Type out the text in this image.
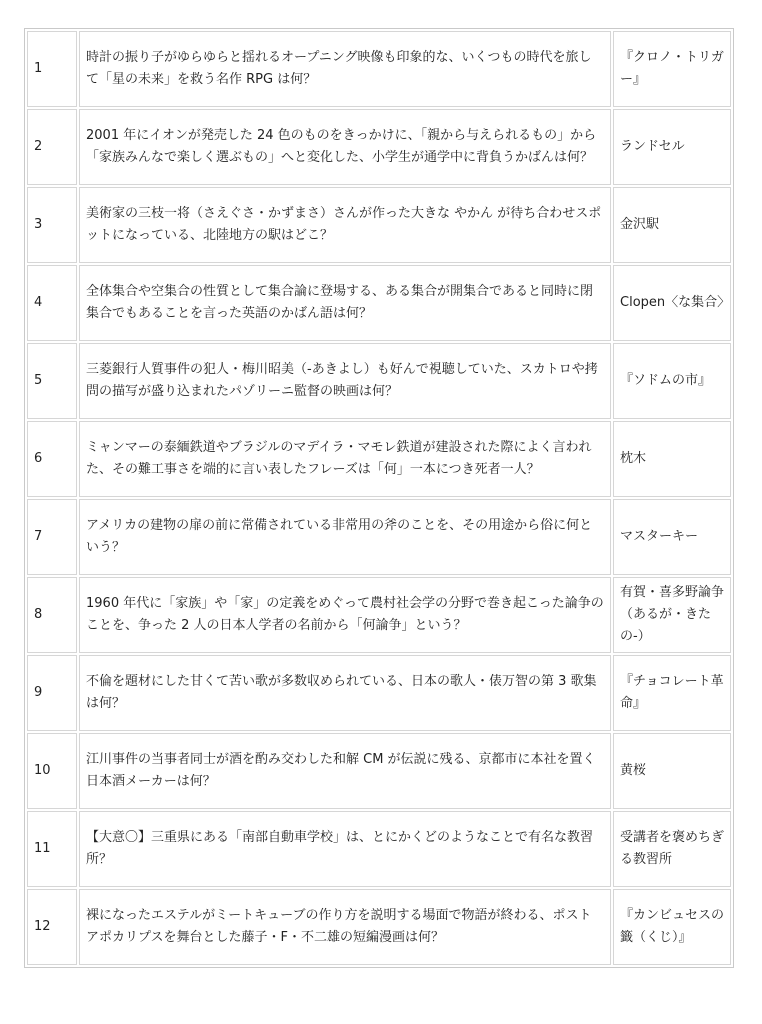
1	時計の振り子がゆらゆらと揺れるオープニング映像も印象的な、いくつもの時代を旅して「星の未来」を救う名作 RPG は何？	『クロノ・トリガー』
2	2001 年にイオンが発売した 24 色のものをきっかけに、「親から与えられるもの」から「家族みんなで楽しく選ぶもの」へと変化した、小学生が通学中に背負うかばんは何？	ランドセル
3	美術家の三枝一将（さえぐさ・かずまさ）さんが作った大きな やかん が待ち合わせスポットになっている、北陸地方の駅はどこ？	金沢駅
4	全体集合や空集合の性質として集合論に登場する、ある集合が開集合であると同時に閉集合でもあることを言った英語のかばん語は何？	Clopen〈な集合〉
5	三菱銀行人質事件の犯人・梅川昭美（-あきよし）も好んで視聴していた、スカトロや拷問の描写が盛り込まれたパゾリーニ監督の映画は何？	『ソドムの市』
6	ミャンマーの泰緬鉄道やブラジルのマデイラ・マモレ鉄道が建設された際によく言われた、その難工事さを端的に言い表したフレーズは「何」一本につき死者一人？	枕木
7	アメリカの建物の扉の前に常備されている非常用の斧のことを、その用途から俗に何という？	マスターキー
8	1960 年代に「家族」や「家」の定義をめぐって農村社会学の分野で巻き起こった論争のことを、争った 2 人の日本人学者の名前から「何論争」という？	有賀・喜多野論争（あるが・きたの-）
9	不倫を題材にした甘くて苦い歌が多数収められている、日本の歌人・俵万智の第 3 歌集は何？	『チョコレート革命』
10	江川事件の当事者同士が酒を酌み交わした和解 CM が伝説に残る、京都市に本社を置く日本酒メーカーは何？	黄桜
11	【大意〇】三重県にある「南部自動車学校」は、とにかくどのようなことで有名な教習所？	受講者を褒めちぎる教習所
12	裸になったエステルがミートキューブの作り方を説明する場面で物語が終わる、ポストアポカリプスを舞台とした藤子・F・不二雄の短編漫画は何？	『カンビュセスの籤（くじ）』
